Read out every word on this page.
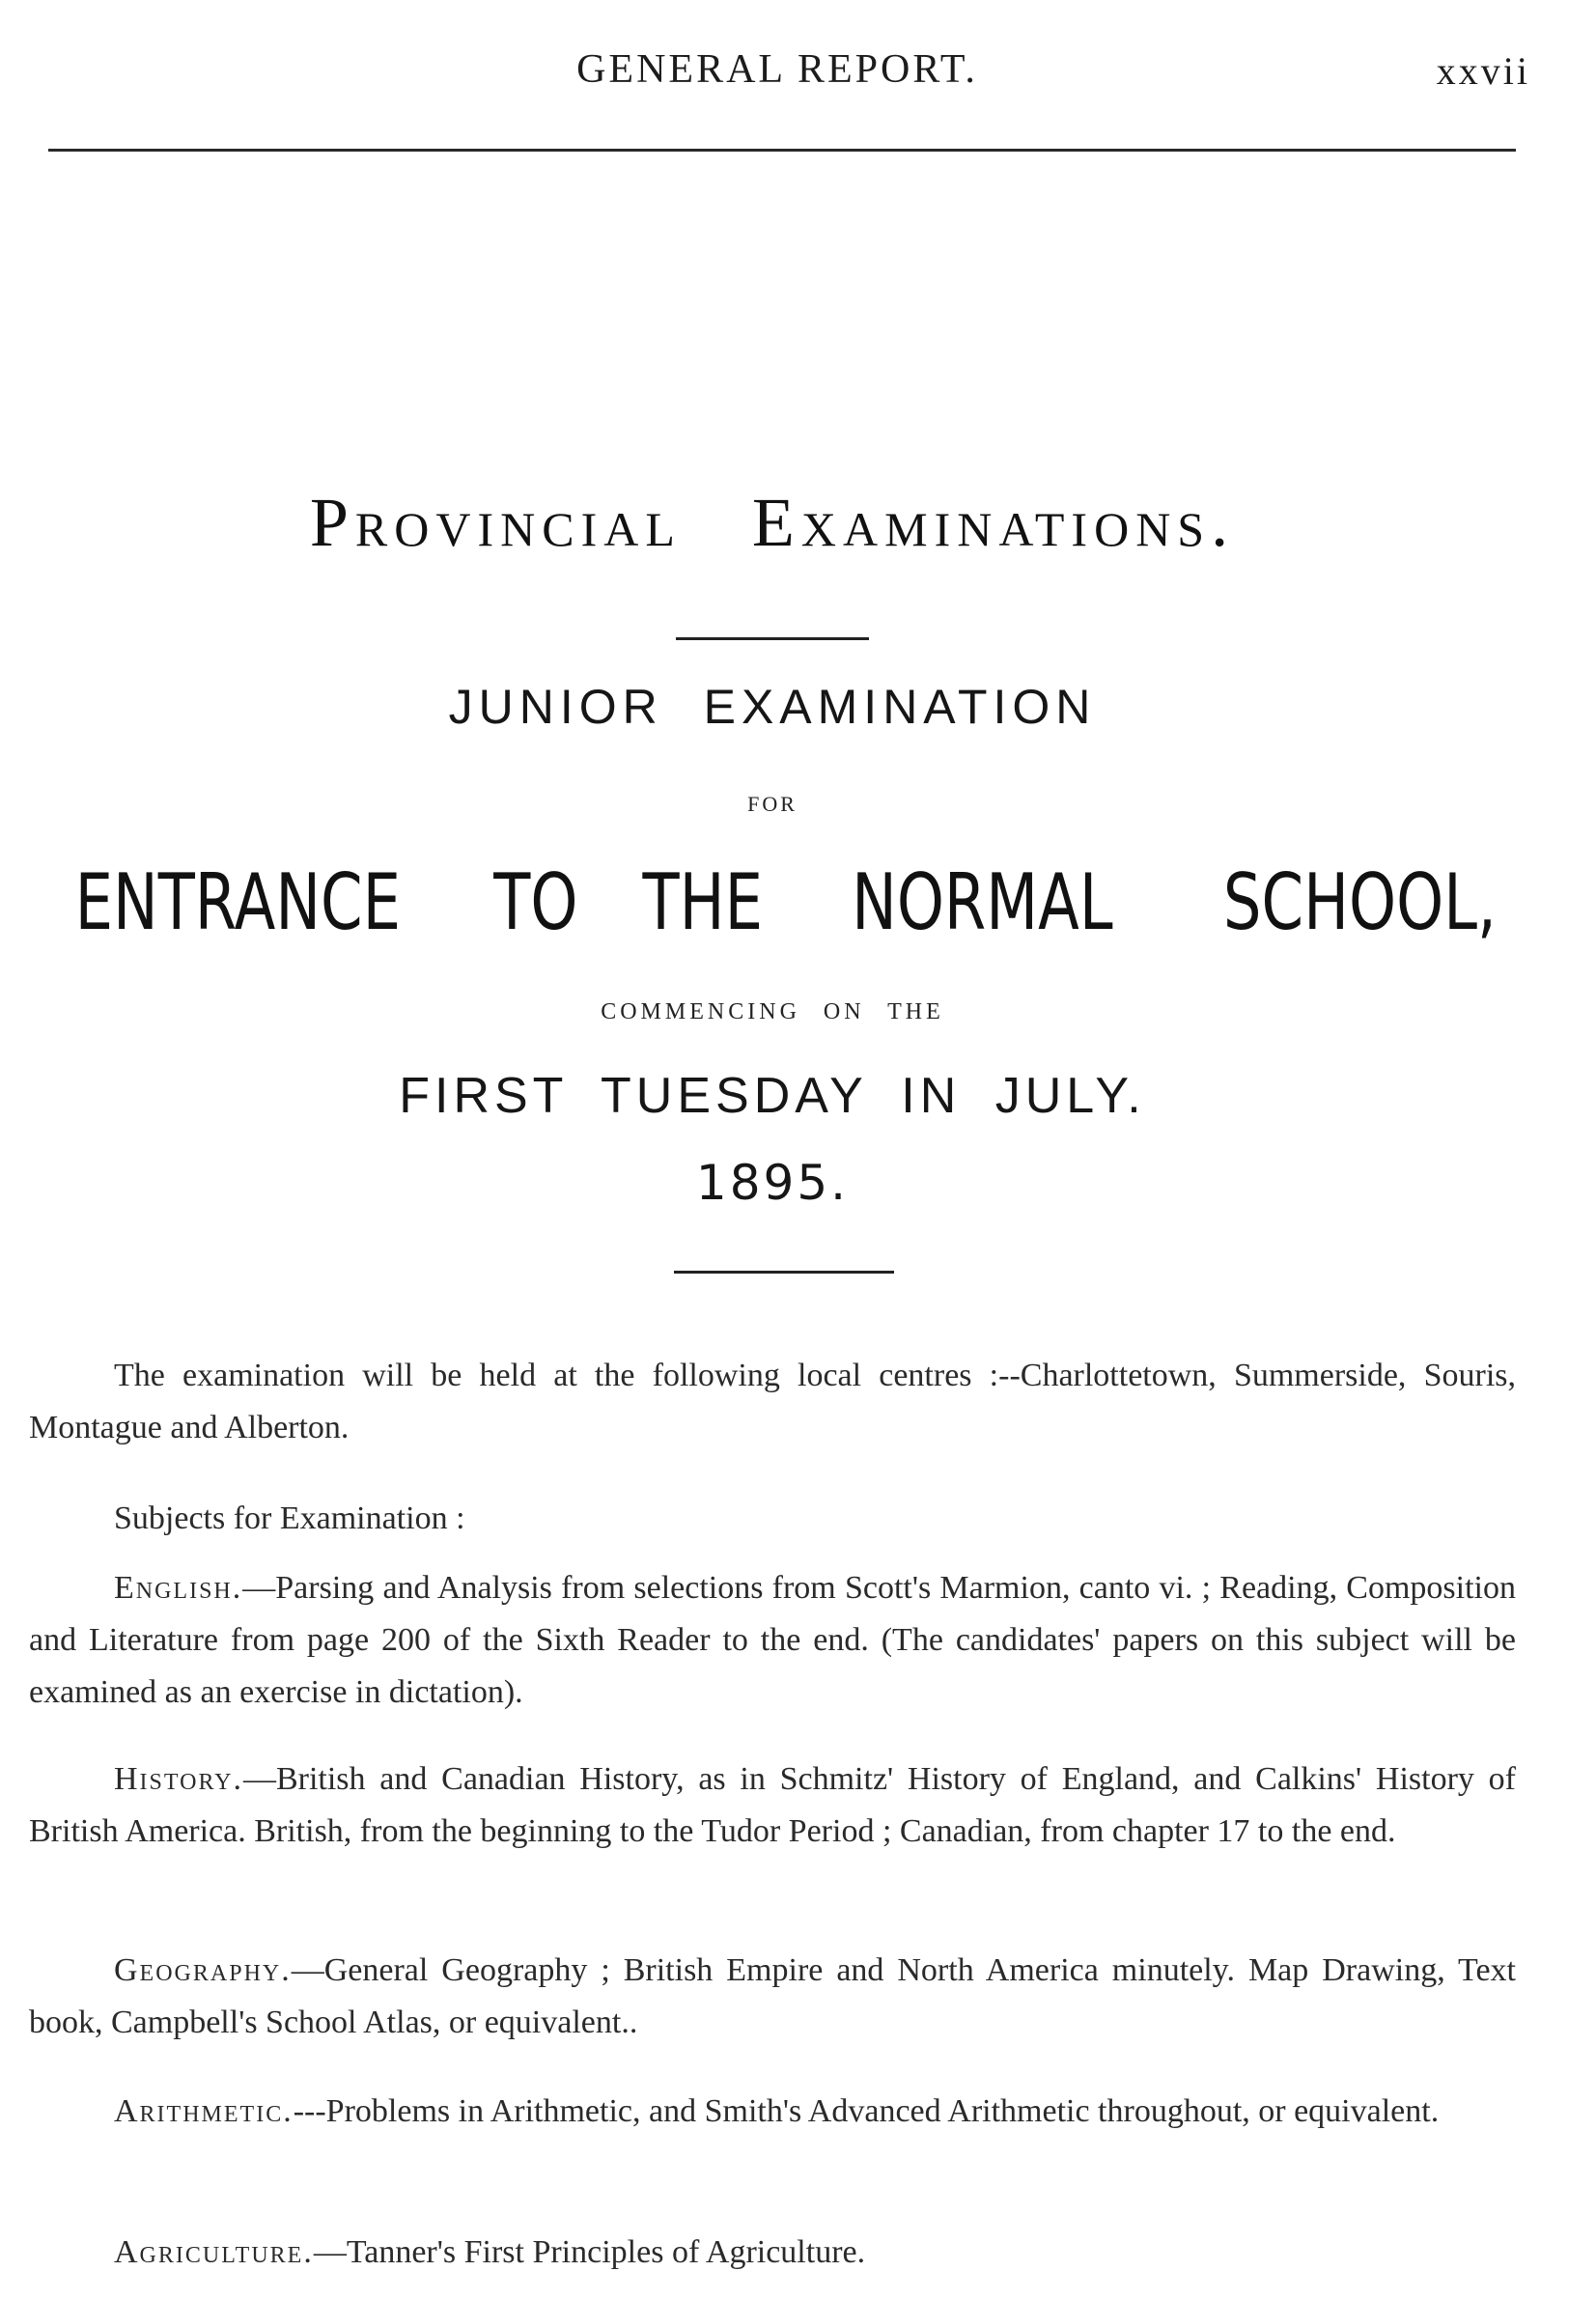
GENERAL REPORT.	xxvii
Provincial Examinations.
JUNIOR EXAMINATION
FOR
ENTRANCE TO THE NORMAL SCHOOL,
COMMENCING ON THE
FIRST TUESDAY IN JULY.
1895.

The examination will be held at the following local centres :--Charlottetown, Summerside, Souris, Montague and Alberton.

Subjects for Examination :

English.—Parsing and Analysis from selections from Scott's Marmion, canto vi. ; Reading, Composition and Literature from page 200 of the Sixth Reader to the end. (The candidates' papers on this subject will be examined as an exercise in dictation).

History.—British and Canadian History, as in Schmitz' History of England, and Calkins' History of British America. British, from the beginning to the Tudor Period ; Canadian, from chapter 17 to the end.

Geography.—General Geography ; British Empire and North America minutely. Map Drawing, Text book, Campbell's School Atlas, or equivalent..

Arithmetic.---Problems in Arithmetic, and Smith's Advanced Arithmetic throughout, or equivalent.

Agriculture.—Tanner's First Principles of Agriculture.
